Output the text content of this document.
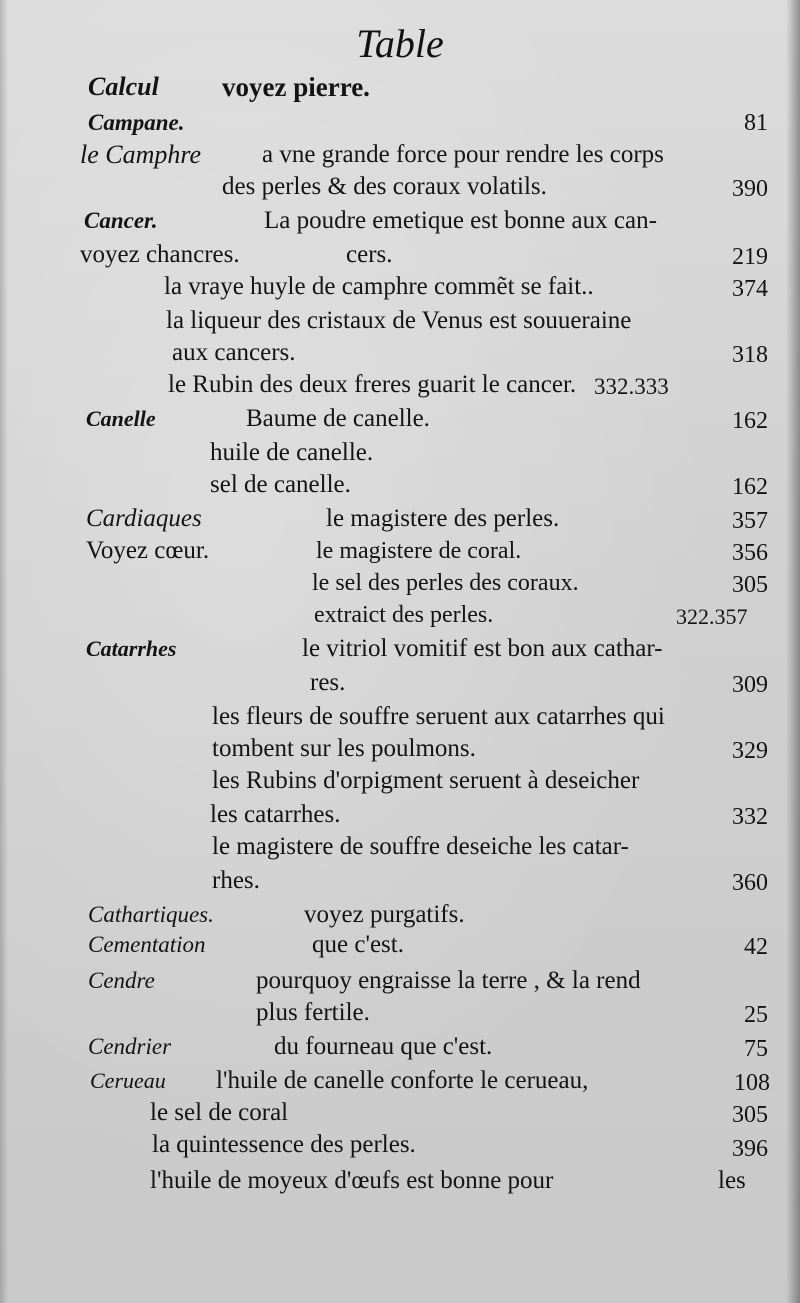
Table
Calcul voyez pierre.
Campane.	81
le Camphre a vne grande force pour rendre les corps
des perles & des coraux volatils.	390
Cancer.	La poudre emetique est bonne aux can-
voyez chancres.	cers.	219
la vraye huyle de camphre commẽt se fait..	374
la liqueur des cristaux de Venus est souueraine
aux cancers.	318
le Rubin des deux freres guarit le cancer. 332.333
Canelle	Baume de canelle.	162
huile de canelle.
sel de canelle.	162
Cardiaques	le magistere des perles.	357
Voyez cœur.	le magistere de coral.	356
le sel des perles des coraux.	305
extraict des perles.	322.357
Catarrhes	le vitriol vomitif est bon aux cathar-
res.	309
les fleurs de souffre seruent aux catarrhes qui
tombent sur les poulmons.	329
les Rubins d'orpigment seruent à deseicher
les catarrhes.	332
le magistere de souffre deseiche les catar-
rhes.	360
Cathartiques.	voyez purgatifs.
Cementation	que c'est.	42
Cendre	pourquoy engraisse la terre , & la rend
plus fertile.	25
Cendrier	du fourneau que c'est.	75
Cerueau l'huile de canelle conforte le cerueau,	108
le sel de coral	305
la quintessence des perles.	396
l'huile de moyeux d'œufs est bonne pour	les
